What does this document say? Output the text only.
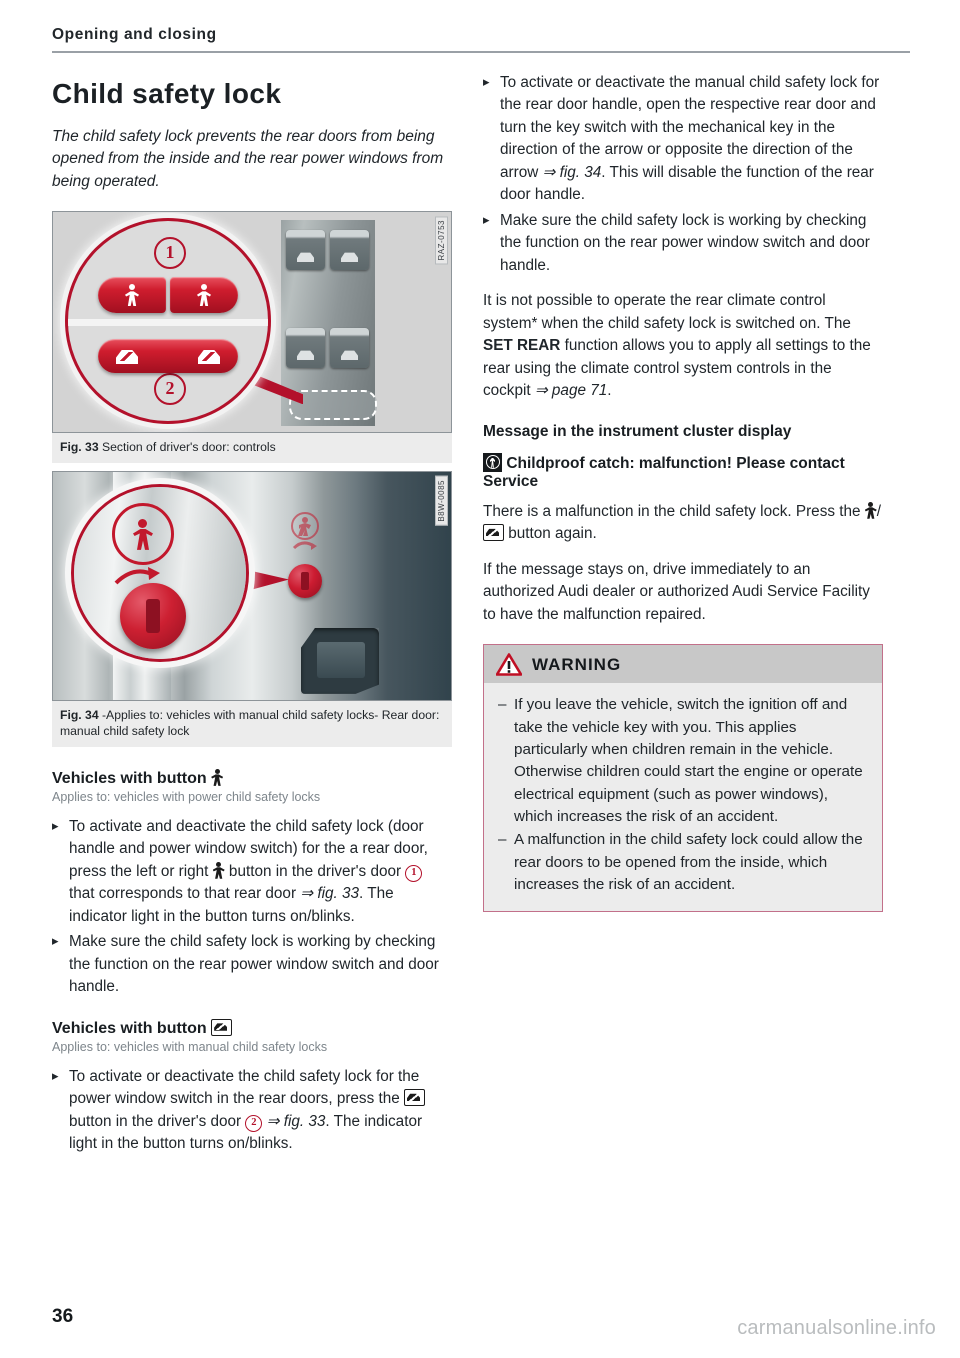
Opening and closing
Child safety lock

The child safety lock prevents the rear doors from being opened from the inside and the rear power windows from being operated.

1
2
RAZ-0753
Fig. 33 Section of driver's door: controls
B8W-0085
Fig. 34 -Applies to: vehicles with manual child safety locks- Rear door: manual child safety lock
Vehicles with button

Applies to: vehicles with power child safety locks

▸ To activate and deactivate the child safety lock (door handle and power window switch) for the a rear door, press the left or right  button in the driver's door 1 that corresponds to that rear door ⇒ fig. 33. The indicator light in the button turns on/blinks.
▸ Make sure the child safety lock is working by checking the function on the rear power window switch and door handle.
Vehicles with button

Applies to: vehicles with manual child safety locks

▸ To activate or deactivate the child safety lock for the power window switch in the rear doors, press the  button in the driver's door 2 ⇒ fig. 33. The indicator light in the button turns on/blinks.
▸ To activate or deactivate the manual child safety lock for the rear door handle, open the respective rear door and turn the key switch with the mechanical key in the direction of the arrow or opposite the direction of the arrow ⇒ fig. 34. This will disable the function of the rear door handle.
▸ Make sure the child safety lock is working by checking the function on the rear power window switch and door handle.

It is not possible to operate the rear climate control system* when the child safety lock is switched on. The SET REAR function allows you to apply all settings to the rear using the climate control system controls in the cockpit ⇒ page 71.

Message in the instrument cluster display
Childproof catch: malfunction! Please contact Service

There is a malfunction in the child safety lock. Press the / button again.

If the message stays on, drive immediately to an authorized Audi dealer or authorized Audi Service Facility to have the malfunction repaired.

WARNING
– If you leave the vehicle, switch the ignition off and take the vehicle key with you. This applies particularly when children remain in the vehicle. Otherwise children could start the engine or operate electrical equipment (such as power windows), which increases the risk of an accident.
– A malfunction in the child safety lock could allow the rear doors to be opened from the inside, which increases the risk of an accident.
36
carmanualsonline.info
